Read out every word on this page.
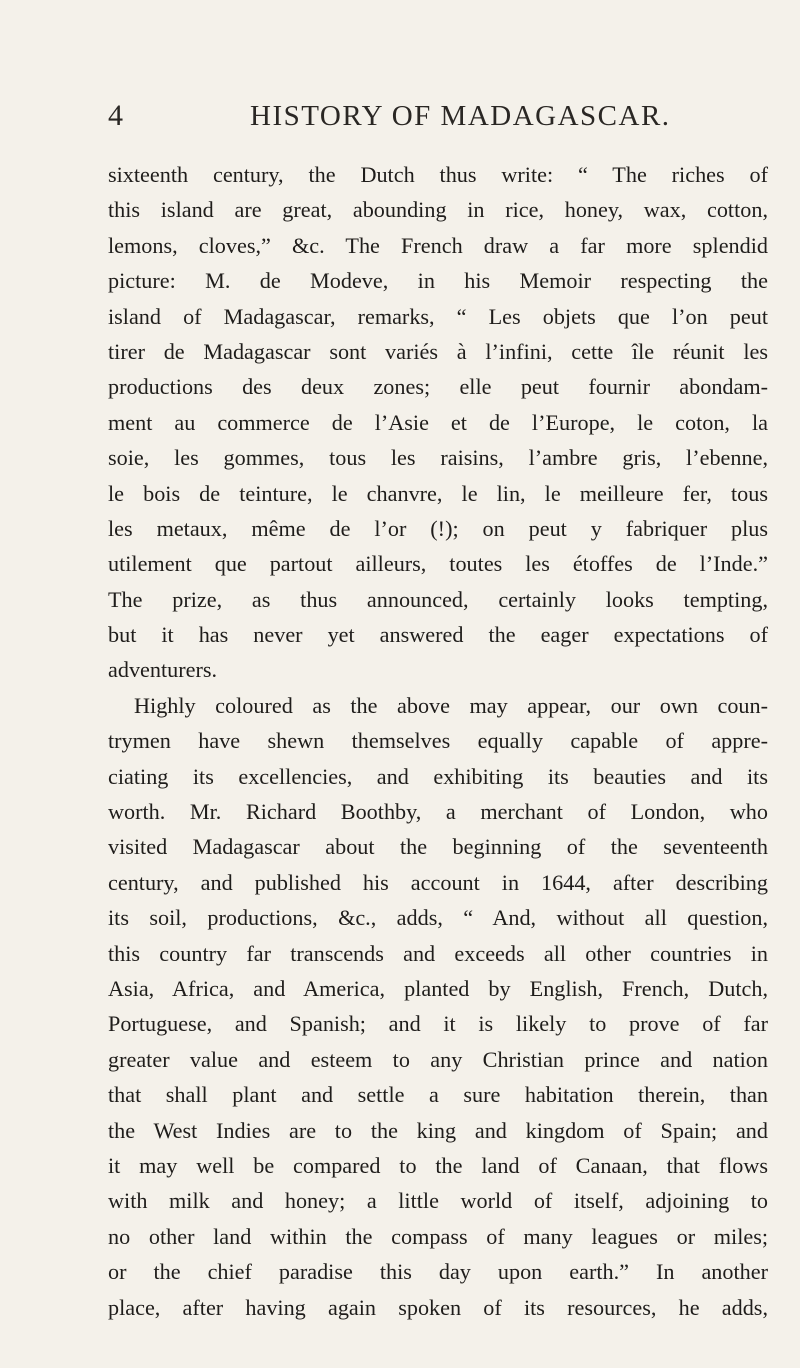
4	HISTORY OF MADAGASCAR.
sixteenth century, the Dutch thus write: “ The riches of
this island are great, abounding in rice, honey, wax, cotton,
lemons, cloves,” &c. The French draw a far more splendid
picture: M. de Modeve, in his Memoir respecting the
island of Madagascar, remarks, “ Les objets que l’on peut
tirer de Madagascar sont variés à l’infini, cette île réunit les
productions des deux zones; elle peut fournir abondam-
ment au commerce de l’Asie et de l’Europe, le coton, la
soie, les gommes, tous les raisins, l’ambre gris, l’ebenne,
le bois de teinture, le chanvre, le lin, le meilleure fer, tous
les metaux, même de l’or (!); on peut y fabriquer plus
utilement que partout ailleurs, toutes les étoffes de l’Inde.”
The prize, as thus announced, certainly looks tempting,
but it has never yet answered the eager expectations of
adventurers.
Highly coloured as the above may appear, our own coun-
trymen have shewn themselves equally capable of appre-
ciating its excellencies, and exhibiting its beauties and its
worth. Mr. Richard Boothby, a merchant of London, who
visited Madagascar about the beginning of the seventeenth
century, and published his account in 1644, after describing
its soil, productions, &c., adds, “ And, without all question,
this country far transcends and exceeds all other countries in
Asia, Africa, and America, planted by English, French, Dutch,
Portuguese, and Spanish; and it is likely to prove of far
greater value and esteem to any Christian prince and nation
that shall plant and settle a sure habitation therein, than
the West Indies are to the king and kingdom of Spain; and
it may well be compared to the land of Canaan, that flows
with milk and honey; a little world of itself, adjoining to
no other land within the compass of many leagues or miles;
or the chief paradise this day upon earth.” In another
place, after having again spoken of its resources, he adds,
